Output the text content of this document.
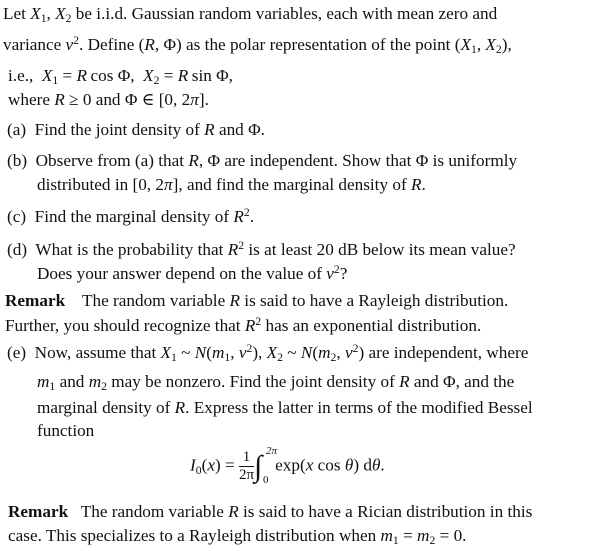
Let $X_1$, $X_2$ be i.i.d. Gaussian random variables, each with mean zero and
variance $\nu^2$. Define (R, Φ) as the polar representation of the point ($X_1$, $X_2$),
i.e., $X_1 = R$  cos Φ, $X_2 = R$  sin Φ,
where R ≥ 0 and Φ ∈ [0, 2π].
(a) Find the joint density of R and Φ.
(b) Observe from (a) that R, Φ are independent. Show that Φ is uniformly
distributed in [0, 2π], and find the marginal density of R.
(c) Find the marginal density of $R^2$.
(d) What is the probability that $R^2$ is at least 20 dB below its mean value?
Does your answer depend on the value of $\nu^2$?
Remark The random variable R is said to have a Rayleigh distribution.
Further, you should recognize that $R^2$ has an exponential distribution.
(e) Now, assume that $X_1$ ~ $N(m_1$, $\nu^2$), $X_2$ ~ $N(m_2$, $\nu^2$) are independent, where
$m_1$ and $m_2$ may be nonzero. Find the joint density of R and Φ, and the
marginal density of R. Express the latter in terms of the modified Bessel
function
$I_0(x) = \frac{1}{2\pi}$ ∫ 2π
0
exp(x cos θ) dθ.
Remark The random variable R is said to have a Rician distribution in this
case. This specializes to a Rayleigh distribution when $m_1 = m_2 = 0$.
